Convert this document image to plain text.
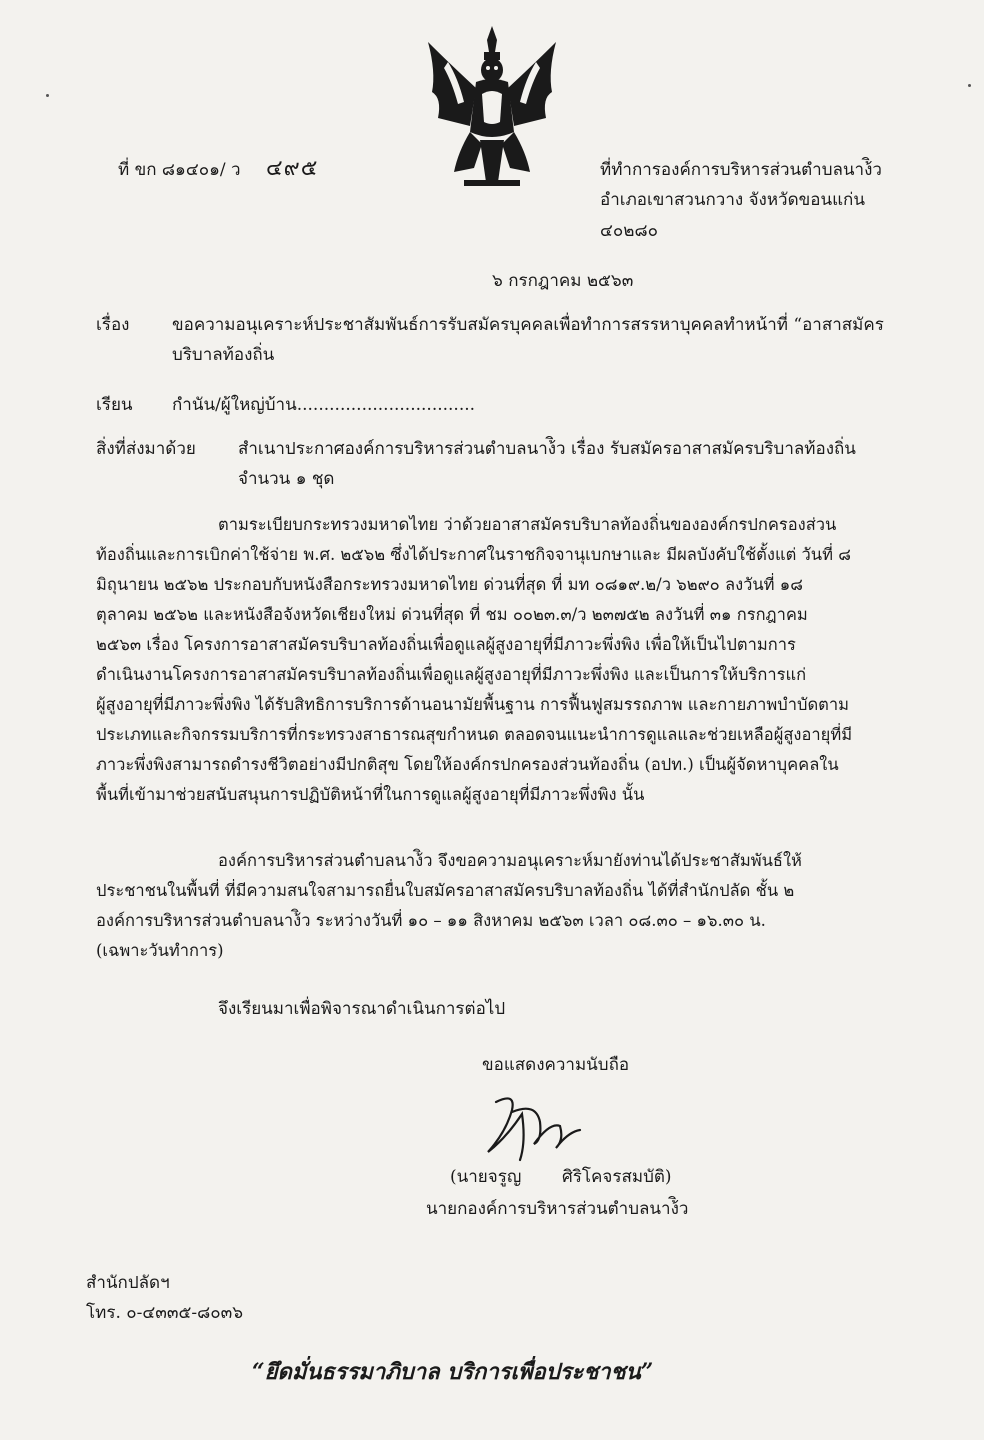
ที่ ขก ๘๑๔๐๑/ ว ๔๙๕	ที่ทำการองค์การบริหารส่วนตำบลนาง้ิว
อำเภอเขาสวนกวาง จังหวัดขอนแก่น
๔๐๒๘๐
๖ กรกฎาคม ๒๕๖๓
เรื่อง	ขอความอนุเคราะห์ประชาสัมพันธ์การรับสมัครบุคคลเพื่อทำการสรรหาบุคคลทำหน้าที่ “อาสาสมัคร
บริบาลท้องถิ่น
เรียน กำนัน/ผู้ใหญ่บ้าน.................................
สิ่งที่ส่งมาด้วย สำเนาประกาศองค์การบริหารส่วนตำบลนาง้ิว เรื่อง รับสมัครอาสาสมัครบริบาลท้องถิ่น
จำนวน ๑ ชุด
ตามระเบียบกระทรวงมหาดไทย ว่าด้วยอาสาสมัครบริบาลท้องถิ่นขององค์กรปกครองส่วน
ท้องถิ่นและการเบิกค่าใช้จ่าย พ.ศ. ๒๕๖๒ ซึ่งได้ประกาศในราชกิจจานุเบกษาและ มีผลบังคับใช้ตั้งแต่ วันที่ ๘
มิถุนายน ๒๕๖๒ ประกอบกับหนังสือกระทรวงมหาดไทย ด่วนที่สุด ที่ มท ๐๘๑๙.๒/ว ๖๒๙๐ ลงวันที่ ๑๘
ตุลาคม ๒๕๖๒ และหนังสือจังหวัดเชียงใหม่ ด่วนที่สุด ที่ ชม ๐๐๒๓.๓/ว ๒๓๗๕๒ ลงวันที่ ๓๑ กรกฎาคม
๒๕๖๓ เรื่อง โครงการอาสาสมัครบริบาลท้องถิ่นเพื่อดูแลผู้สูงอายุที่มีภาวะพึ่งพิง เพื่อให้เป็นไปตามการ
ดำเนินงานโครงการอาสาสมัครบริบาลท้องถิ่นเพื่อดูแลผู้สูงอายุที่มีภาวะพึ่งพิง และเป็นการให้บริการแก่
ผู้สูงอายุที่มีภาวะพึ่งพิง ได้รับสิทธิการบริการด้านอนามัยพื้นฐาน การฟื้นฟูสมรรถภาพ และกายภาพบำบัดตาม
ประเภทและกิจกรรมบริการที่กระทรวงสาธารณสุขกำหนด ตลอดจนแนะนำการดูแลและช่วยเหลือผู้สูงอายุที่มี
ภาวะพึ่งพิงสามารถดำรงชีวิตอย่างมีปกติสุข โดยให้องค์กรปกครองส่วนท้องถิ่น (อปท.) เป็นผู้จัดหาบุคคลใน
พื้นที่เข้ามาช่วยสนับสนุนการปฏิบัติหน้าที่ในการดูแลผู้สูงอายุที่มีภาวะพึ่งพิง นั้น
องค์การบริหารส่วนตำบลนาง้ิว จึงขอความอนุเคราะห์มายังท่านได้ประชาสัมพันธ์ให้
ประชาชนในพื้นที่ ที่มีความสนใจสามารถยื่นใบสมัครอาสาสมัครบริบาลท้องถิ่น ได้ที่สำนักปลัด ชั้น ๒
องค์การบริหารส่วนตำบลนาง้ิว ระหว่างวันที่ ๑๐ – ๑๑ สิงหาคม ๒๕๖๓ เวลา ๐๘.๓๐ – ๑๖.๓๐ น.
(เฉพาะวันทำการ)
จึงเรียนมาเพื่อพิจารณาดำเนินการต่อไป
ขอแสดงความนับถือ
(นายจรูญ ศิริโคจรสมบัติ)
นายกองค์การบริหารส่วนตำบลนาง้ิว
สำนักปลัดฯ
โทร. ๐-๔๓๓๕-๘๐๓๖
“ยึดมั่นธรรมาภิบาล บริการเพื่อประชาชน”
